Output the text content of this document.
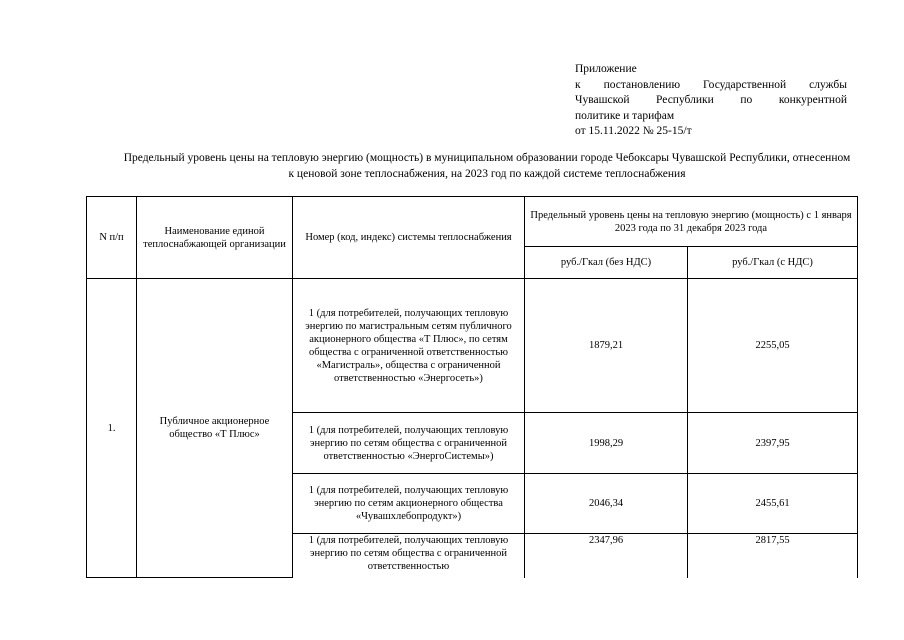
Приложение
к постановлению Государственной службы
Чувашской Республики по конкурентной
политике и тарифам
от 15.11.2022 № 25-15/т
Предельный уровень цены на тепловую энергию (мощность) в муниципальном образовании городе Чебоксары Чувашской Республики, отнесенном к ценовой зоне теплоснабжения, на 2023 год по каждой системе теплоснабжения
N п/п	Наименование единой теплоснабжающей организации	Номер (код, индекс) системы теплоснабжения	Предельный уровень цены на тепловую энергию (мощность) с 1 января 2023 года по 31 декабря 2023 года	
			руб./Гкал (без НДС)	руб./Гкал (с НДС)
1.	Публичное акционерное общество «Т Плюс»	1 (для потребителей, получающих тепловую энергию по магистральным сетям публичного акционерного общества «Т Плюс», по сетям общества с ограниченной ответственностью «Магистраль», общества с ограниченной ответственностью «Энергосеть»)	1879,21	2255,05
		1 (для потребителей, получающих тепловую энергию по сетям общества с ограниченной ответственностью «ЭнергоСистемы»)	1998,29	2397,95
		1 (для потребителей, получающих тепловую энергию по сетям акционерного общества «Чувашхлебопродукт»)	2046,34	2455,61
		1 (для потребителей, получающих тепловую энергию по сетям общества с ограниченной ответственностью	2347,96	2817,55
